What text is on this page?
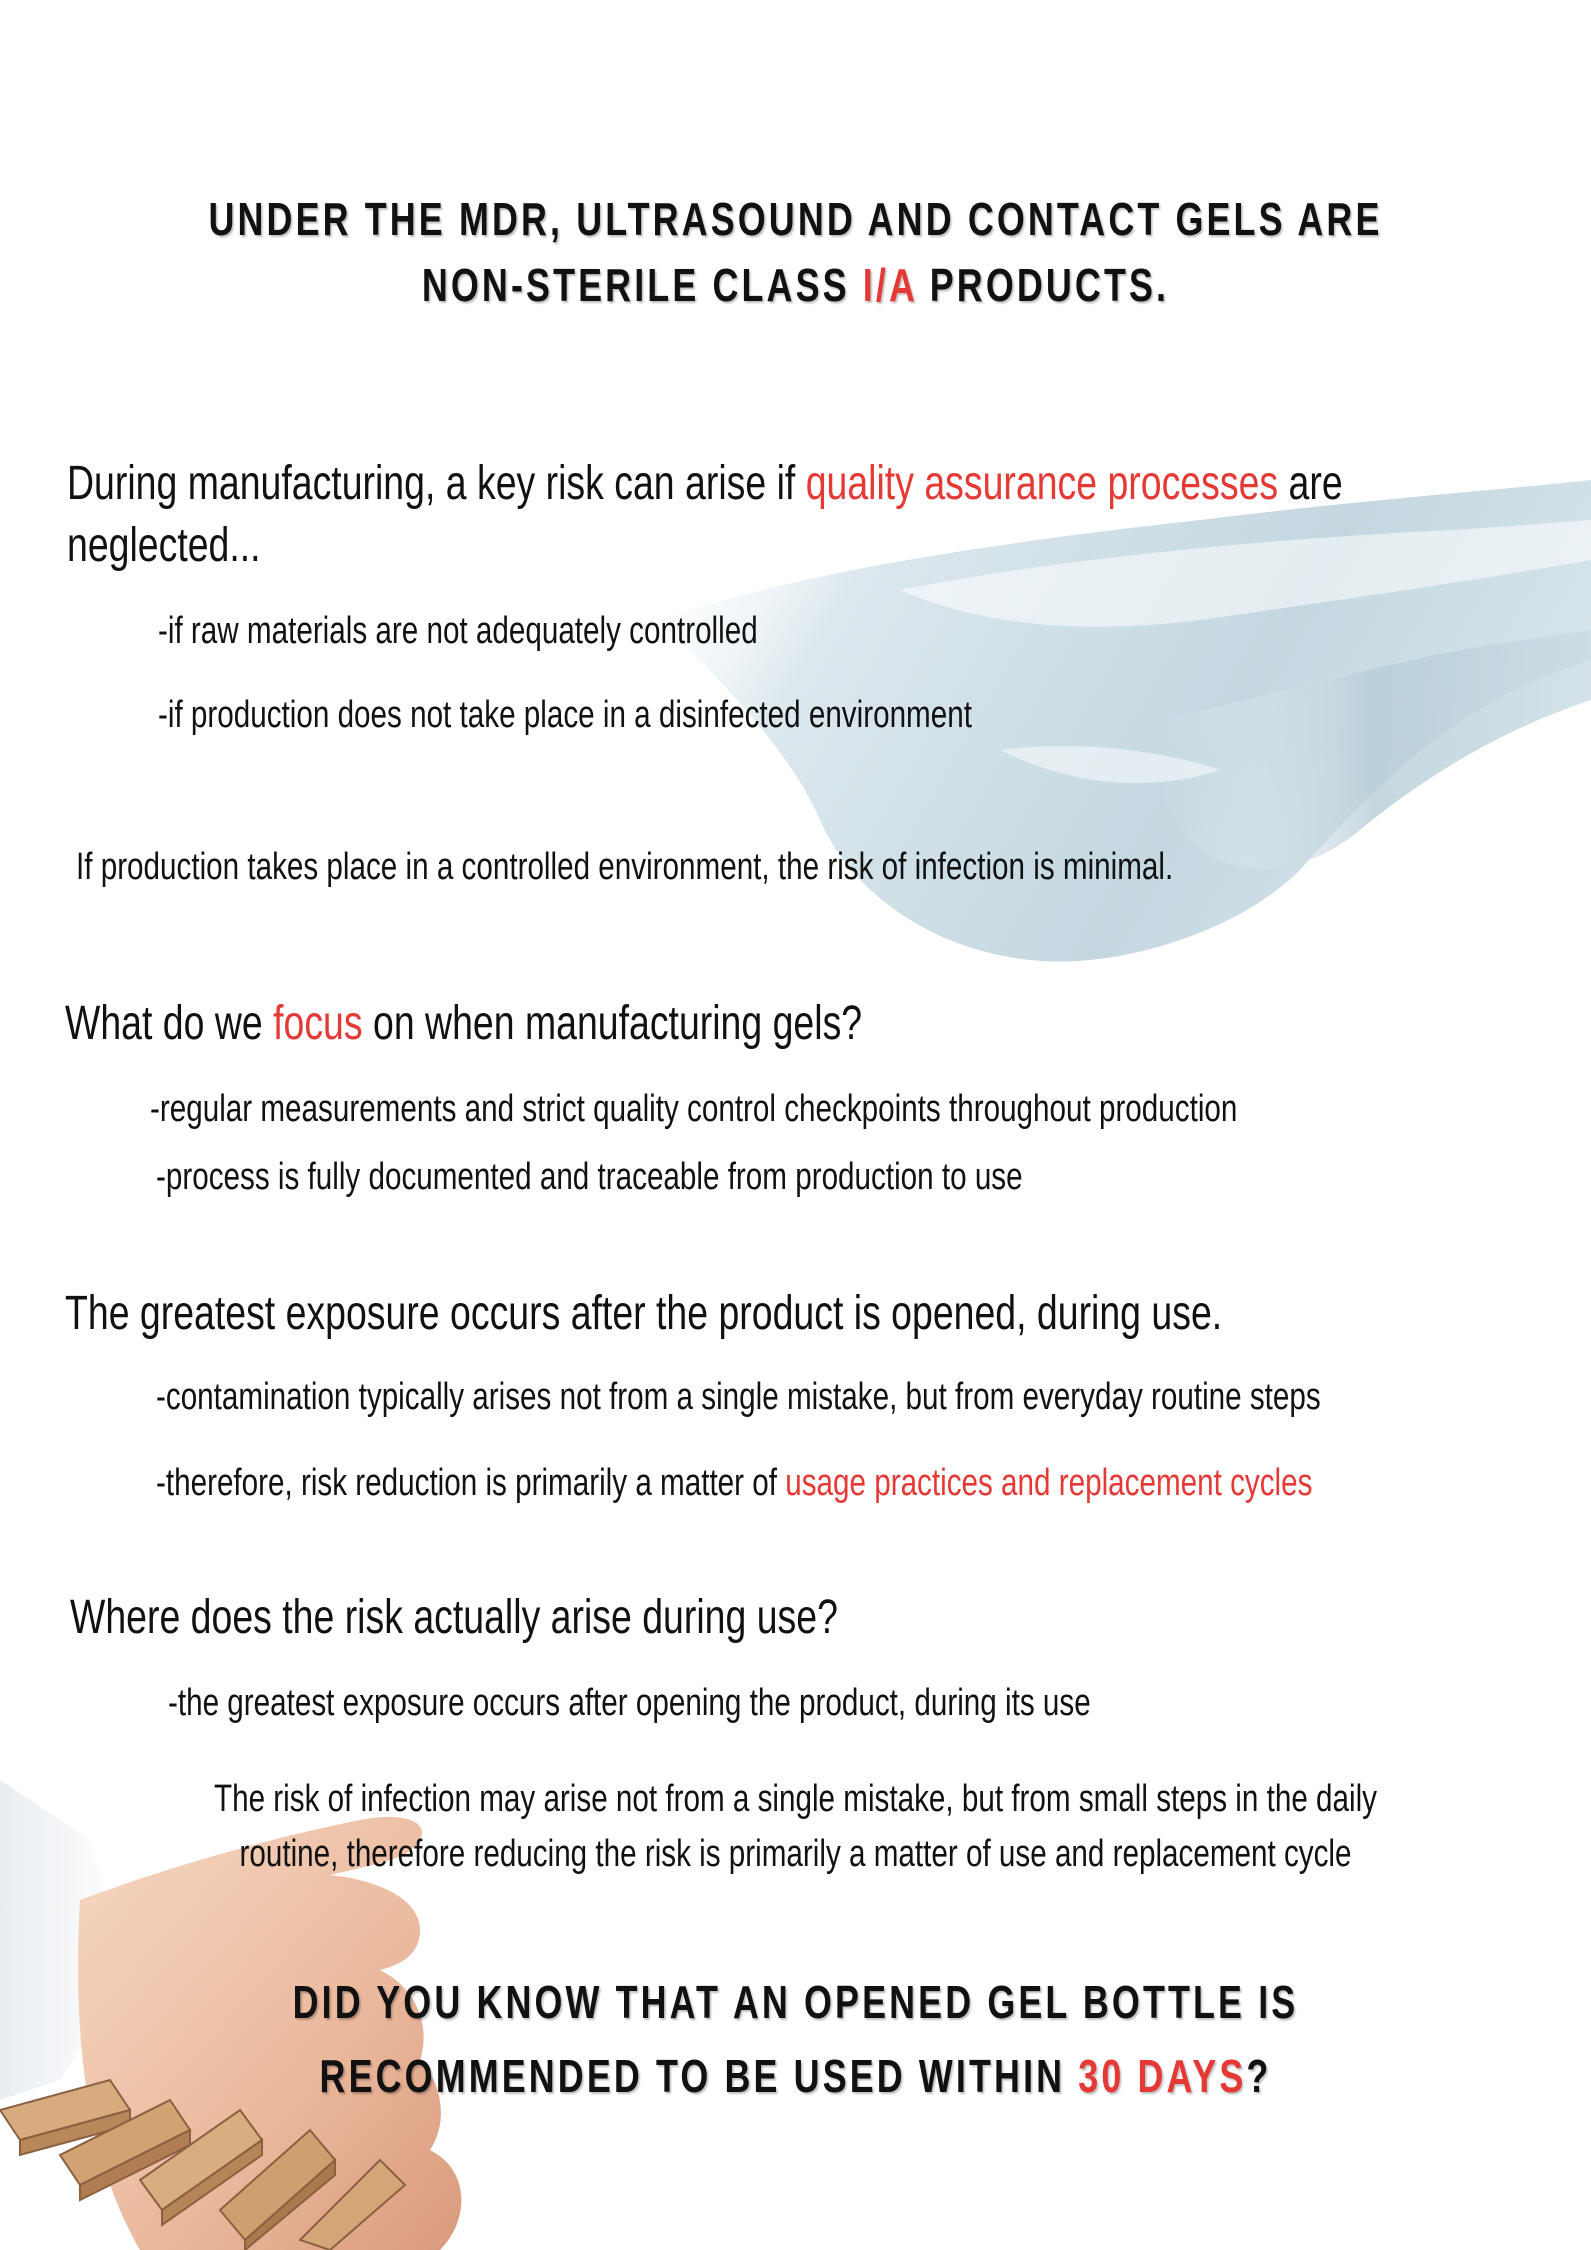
UNDER THE MDR, ULTRASOUND AND CONTACT GELS ARE
NON-STERILE CLASS I/A PRODUCTS.
During manufacturing, a key risk can arise if quality assurance processes are
neglected...
-if raw materials are not adequately controlled
-if production does not take place in a disinfected environment
If production takes place in a controlled environment, the risk of infection is minimal.
What do we focus on when manufacturing gels?
-regular measurements and strict quality control checkpoints throughout production
-process is fully documented and traceable from production to use
The greatest exposure occurs after the product is opened, during use.
-contamination typically arises not from a single mistake, but from everyday routine steps
-therefore, risk reduction is primarily a matter of usage practices and replacement cycles
Where does the risk actually arise during use?
-the greatest exposure occurs after opening the product, during its use
The risk of infection may arise not from a single mistake, but from small steps in the daily
routine, therefore reducing the risk is primarily a matter of use and replacement cycle
DID YOU KNOW THAT AN OPENED GEL BOTTLE IS
RECOMMENDED TO BE USED WITHIN 30 DAYS?
